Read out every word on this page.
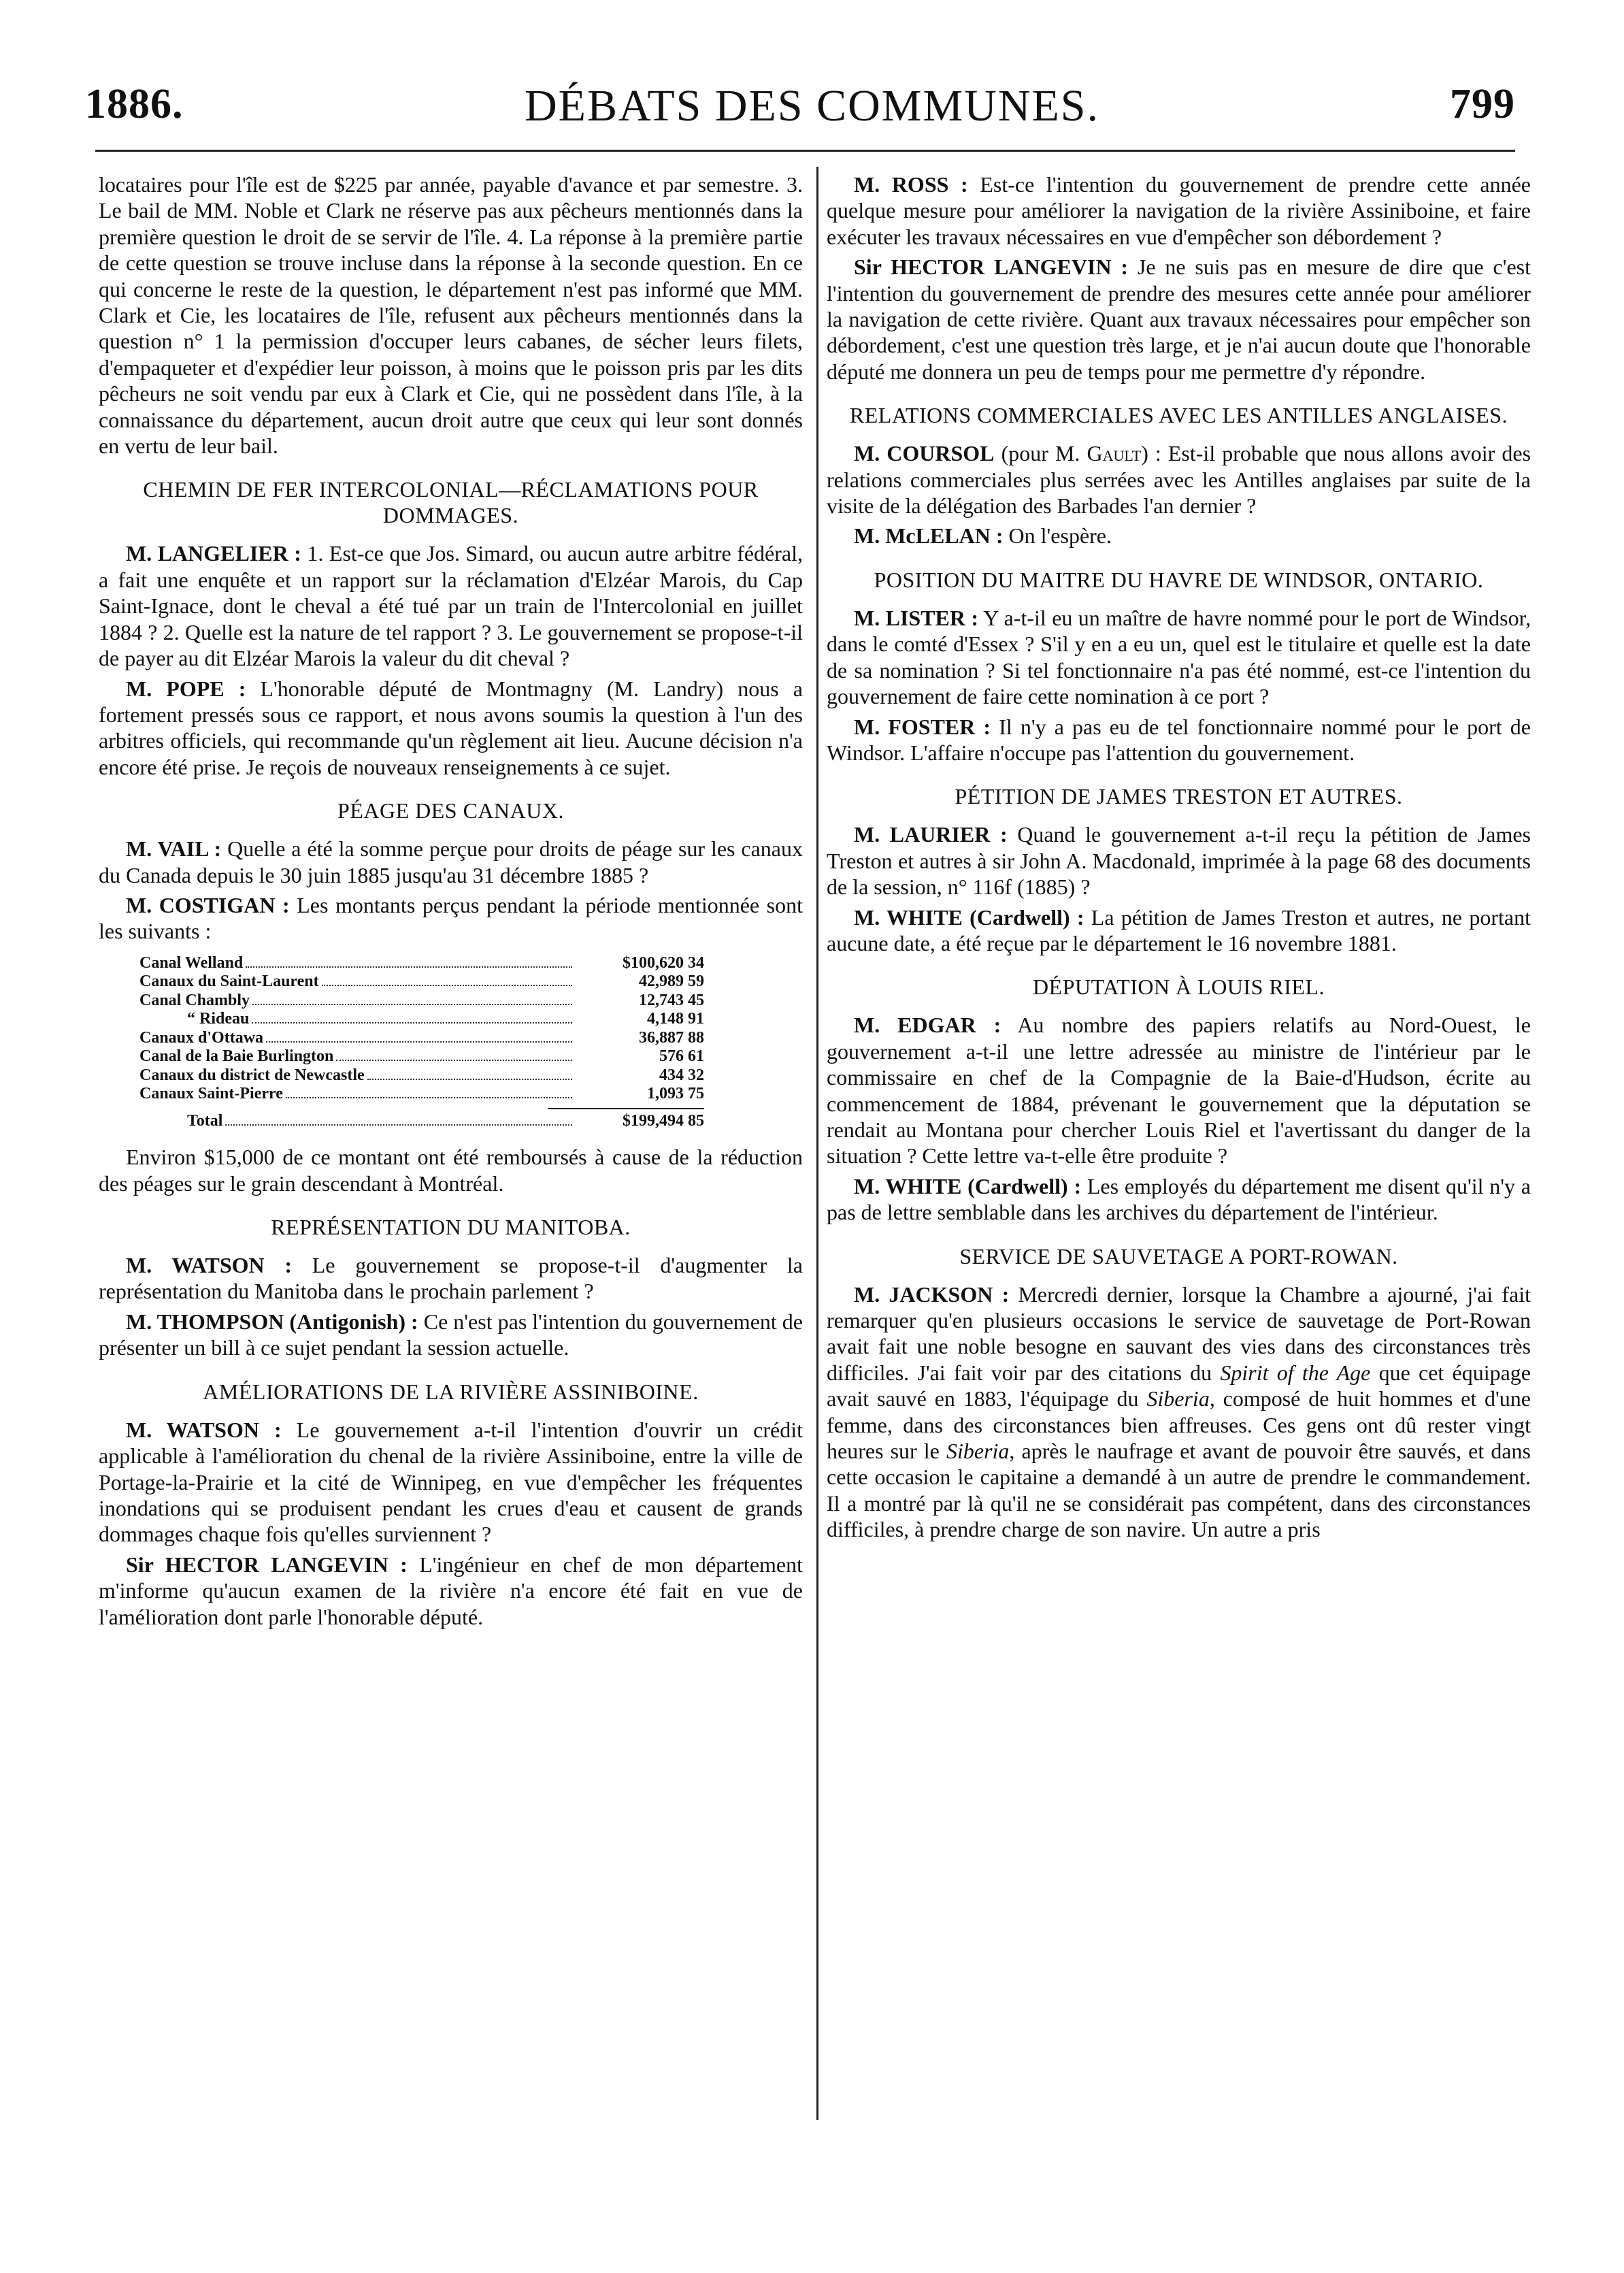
1886.	DÉBATS DES COMMUNES.	799

locataires pour l'île est de $225 par année, payable d'avance et par semestre. 3. Le bail de MM. Noble et Clark ne réserve pas aux pêcheurs mentionnés dans la première question le droit de se servir de l'île. 4. La réponse à la première partie de cette question se trouve incluse dans la réponse à la seconde question. En ce qui concerne le reste de la question, le département n'est pas informé que MM. Clark et Cie, les locataires de l'île, refusent aux pêcheurs mentionnés dans la question n° 1 la permission d'occuper leurs cabanes, de sécher leurs filets, d'empaqueter et d'expédier leur poisson, à moins que le poisson pris par les dits pêcheurs ne soit vendu par eux à Clark et Cie, qui ne possèdent dans l'île, à la connaissance du département, aucun droit autre que ceux qui leur sont donnés en vertu de leur bail.

CHEMIN DE FER INTERCOLONIAL—RÉCLAMATIONS POUR DOMMAGES.

M. LANGELIER : 1. Est-ce que Jos. Simard, ou aucun autre arbitre fédéral, a fait une enquête et un rapport sur la réclamation d'Elzéar Marois, du Cap Saint-Ignace, dont le cheval a été tué par un train de l'Intercolonial en juillet 1884 ? 2. Quelle est la nature de tel rapport ? 3. Le gouvernement se propose-t-il de payer au dit Elzéar Marois la valeur du dit cheval ?

M. POPE : L'honorable député de Montmagny (M. Landry) nous a fortement pressés sous ce rapport, et nous avons soumis la question à l'un des arbitres officiels, qui recommande qu'un règlement ait lieu. Aucune décision n'a encore été prise. Je reçois de nouveaux renseignements à ce sujet.

PÉAGE DES CANAUX.

M. VAIL : Quelle a été la somme perçue pour droits de péage sur les canaux du Canada depuis le 30 juin 1885 jusqu'au 31 décembre 1885 ?

M. COSTIGAN : Les montants perçus pendant la période mentionnée sont les suivants :

Canal Welland	$100,620 34
Canaux du Saint-Laurent	42,989 59
Canal Chambly	12,743 45
“ Rideau	4,148 91
Canaux d'Ottawa	36,887 88
Canal de la Baie Burlington	576 61
Canaux du district de Newcastle	434 32
Canaux Saint-Pierre	1,093 75
Total	$199,494 85

Environ $15,000 de ce montant ont été remboursés à cause de la réduction des péages sur le grain descendant à Montréal.

REPRÉSENTATION DU MANITOBA.

M. WATSON : Le gouvernement se propose-t-il d'augmenter la représentation du Manitoba dans le prochain parlement ?

M. THOMPSON (Antigonish) : Ce n'est pas l'intention du gouvernement de présenter un bill à ce sujet pendant la session actuelle.

AMÉLIORATIONS DE LA RIVIÈRE ASSINIBOINE.

M. WATSON : Le gouvernement a-t-il l'intention d'ouvrir un crédit applicable à l'amélioration du chenal de la rivière Assiniboine, entre la ville de Portage-la-Prairie et la cité de Winnipeg, en vue d'empêcher les fréquentes inondations qui se produisent pendant les crues d'eau et causent de grands dommages chaque fois qu'elles surviennent ?

Sir HECTOR LANGEVIN : L'ingénieur en chef de mon département m'informe qu'aucun examen de la rivière n'a encore été fait en vue de l'amélioration dont parle l'honorable député.

M. ROSS : Est-ce l'intention du gouvernement de prendre cette année quelque mesure pour améliorer la navigation de la rivière Assiniboine, et faire exécuter les travaux nécessaires en vue d'empêcher son débordement ?

Sir HECTOR LANGEVIN : Je ne suis pas en mesure de dire que c'est l'intention du gouvernement de prendre des mesures cette année pour améliorer la navigation de cette rivière. Quant aux travaux nécessaires pour empêcher son débordement, c'est une question très large, et je n'ai aucun doute que l'honorable député me donnera un peu de temps pour me permettre d'y répondre.

RELATIONS COMMERCIALES AVEC LES ANTILLES ANGLAISES.

M. COURSOL (pour M. Gault) : Est-il probable que nous allons avoir des relations commerciales plus serrées avec les Antilles anglaises par suite de la visite de la délégation des Barbades l'an dernier ?

M. McLELAN : On l'espère.

POSITION DU MAITRE DU HAVRE DE WINDSOR, ONTARIO.

M. LISTER : Y a-t-il eu un maître de havre nommé pour le port de Windsor, dans le comté d'Essex ? S'il y en a eu un, quel est le titulaire et quelle est la date de sa nomination ? Si tel fonctionnaire n'a pas été nommé, est-ce l'intention du gouvernement de faire cette nomination à ce port ?

M. FOSTER : Il n'y a pas eu de tel fonctionnaire nommé pour le port de Windsor. L'affaire n'occupe pas l'attention du gouvernement.

PÉTITION DE JAMES TRESTON ET AUTRES.

M. LAURIER : Quand le gouvernement a-t-il reçu la pétition de James Treston et autres à sir John A. Macdonald, imprimée à la page 68 des documents de la session, n° 116f (1885) ?

M. WHITE (Cardwell) : La pétition de James Treston et autres, ne portant aucune date, a été reçue par le département le 16 novembre 1881.

DÉPUTATION À LOUIS RIEL.

M. EDGAR : Au nombre des papiers relatifs au Nord-Ouest, le gouvernement a-t-il une lettre adressée au ministre de l'intérieur par le commissaire en chef de la Compagnie de la Baie-d'Hudson, écrite au commencement de 1884, prévenant le gouvernement que la députation se rendait au Montana pour chercher Louis Riel et l'avertissant du danger de la situation ? Cette lettre va-t-elle être produite ?

M. WHITE (Cardwell) : Les employés du département me disent qu'il n'y a pas de lettre semblable dans les archives du département de l'intérieur.

SERVICE DE SAUVETAGE A PORT-ROWAN.

M. JACKSON : Mercredi dernier, lorsque la Chambre a ajourné, j'ai fait remarquer qu'en plusieurs occasions le service de sauvetage de Port-Rowan avait fait une noble besogne en sauvant des vies dans des circonstances très difficiles. J'ai fait voir par des citations du Spirit of the Age que cet équipage avait sauvé en 1883, l'équipage du Siberia, composé de huit hommes et d'une femme, dans des circonstances bien affreuses. Ces gens ont dû rester vingt heures sur le Siberia, après le naufrage et avant de pouvoir être sauvés, et dans cette occasion le capitaine a demandé à un autre de prendre le commandement. Il a montré par là qu'il ne se considérait pas compétent, dans des circonstances difficiles, à prendre charge de son navire. Un autre a pris
